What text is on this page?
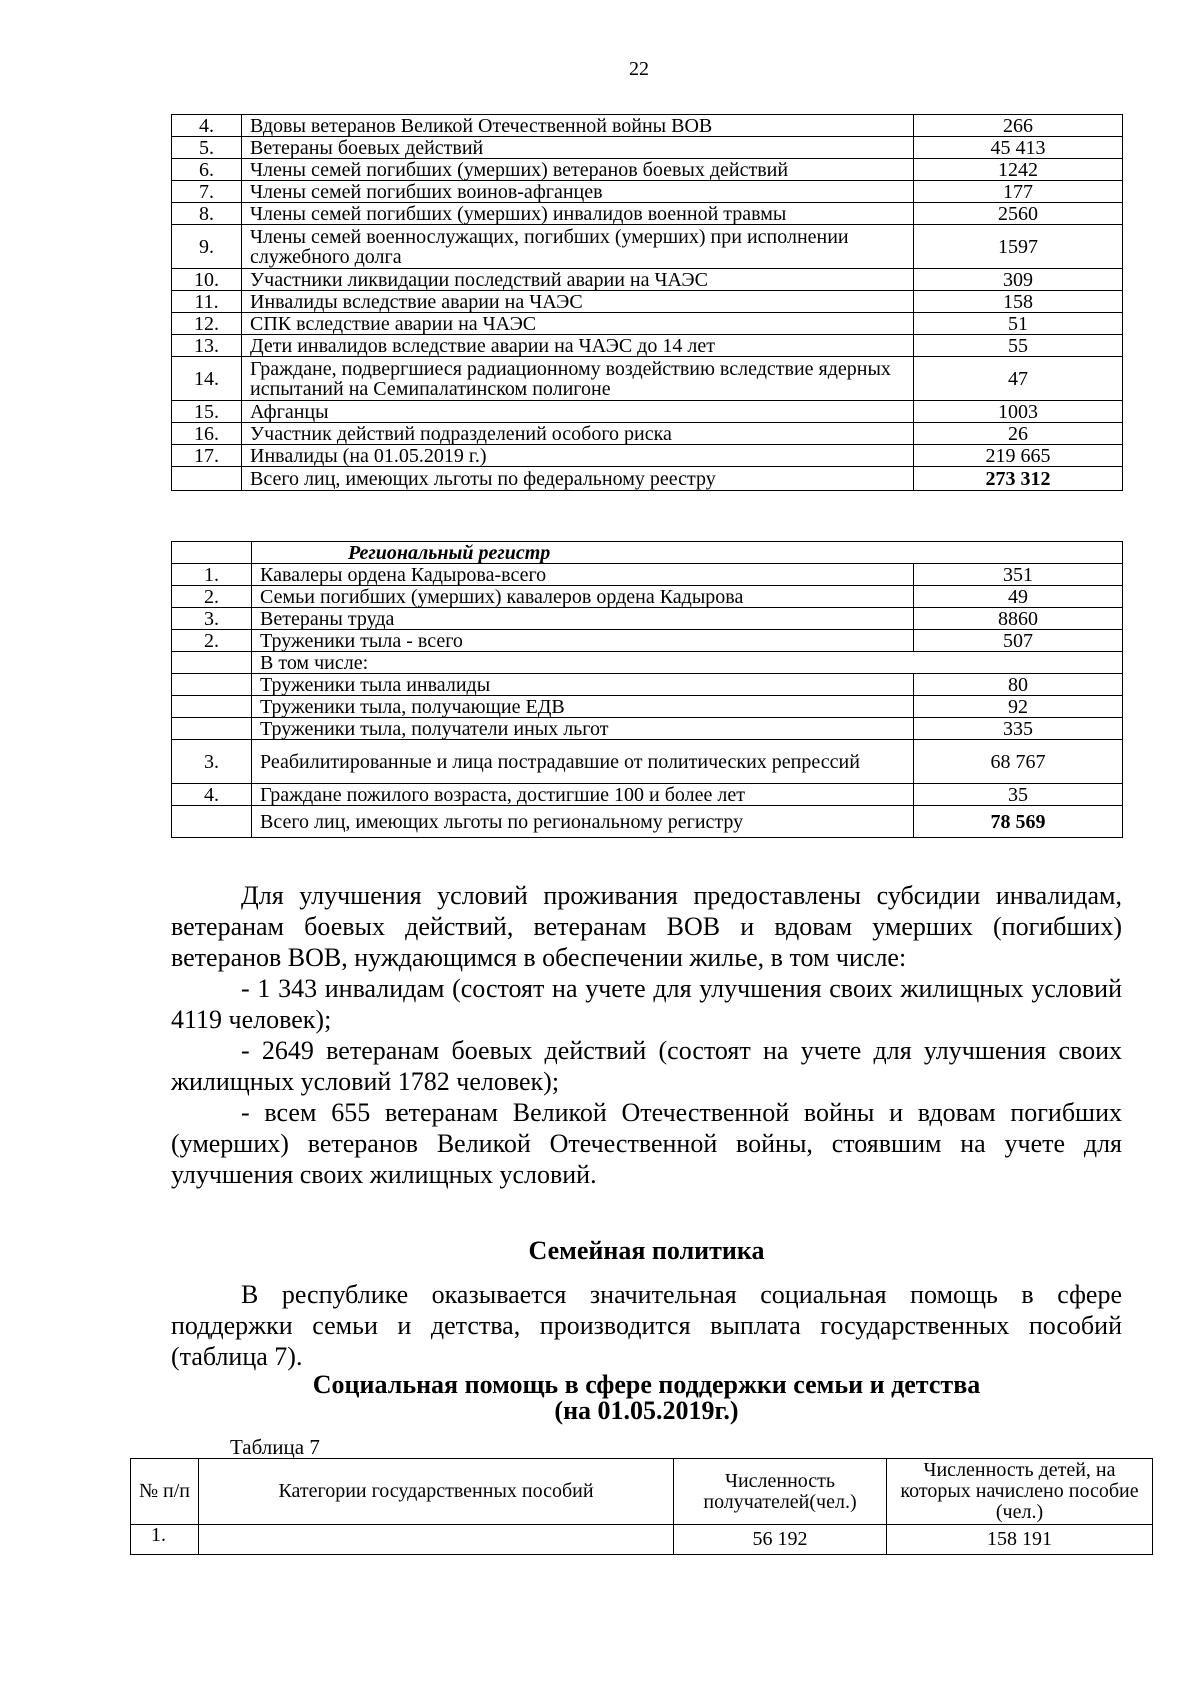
22
4.	Вдовы ветеранов Великой Отечественной войны ВОВ	266
5.	Ветераны боевых действий	45 413
6.	Члены семей погибших (умерших) ветеранов боевых действий	1242
7.	Члены семей погибших воинов-афганцев	177
8.	Члены семей погибших (умерших) инвалидов военной травмы	2560
9.	Члены семей военнослужащих, погибших (умерших) при исполнении служебного долга	1597
10.	Участники ликвидации последствий аварии на ЧАЭС	309
11.	Инвалиды вследствие аварии на ЧАЭС	158
12.	СПК вследствие аварии на ЧАЭС	51
13.	Дети инвалидов вследствие аварии на ЧАЭС до 14 лет	55
14.	Граждане, подвергшиеся радиационному воздействию вследствие ядерных испытаний на Семипалатинском полигоне	47
15.	Афганцы	1003
16.	Участник действий подразделений особого риска	26
17.	Инвалиды (на 01.05.2019 г.)	219 665
	Всего лиц, имеющих льготы по федеральному реестру	273 312
	Региональный регистр	
1.	Кавалеры ордена Кадырова-всего	351
2.	Семьи погибших (умерших) кавалеров ордена Кадырова	49
3.	Ветераны труда	8860
2.	Труженики тыла - всего	507
	В том числе:	
	Труженики тыла инвалиды	80
	Труженики тыла, получающие ЕДВ	92
	Труженики тыла, получатели иных льгот	335
3.	Реабилитированные и лица пострадавшие от политических репрессий	68 767
4.	Граждане пожилого возраста, достигшие 100 и более лет	35
	Всего лиц, имеющих льготы по региональному регистру	78 569

Для улучшения условий проживания предоставлены субсидии инвалидам, ветеранам боевых действий, ветеранам ВОВ и вдовам умерших (погибших) ветеранов ВОВ, нуждающимся в обеспечении жилье, в том числе:

- 1 343 инвалидам (состоят на учете для улучшения своих жилищных условий 4119 человек);

- 2649 ветеранам боевых действий (состоят на учете для улучшения своих жилищных условий 1782 человек);

- всем 655 ветеранам Великой Отечественной войны и вдовам погибших (умерших) ветеранов Великой Отечественной войны, стоявшим на учете для улучшения своих жилищных условий.

Семейная политика

В республике оказывается значительная социальная помощь в сфере поддержки семьи и детства, производится выплата государственных пособий (таблица 7).

Социальная помощь в сфере поддержки семьи и детства
(на 01.05.2019г.)
Таблица 7
№ п/п	Категории государственных пособий	Численность получателей(чел.)	Численность детей, на которых начислено пособие (чел.)
1.		56 192	158 191
